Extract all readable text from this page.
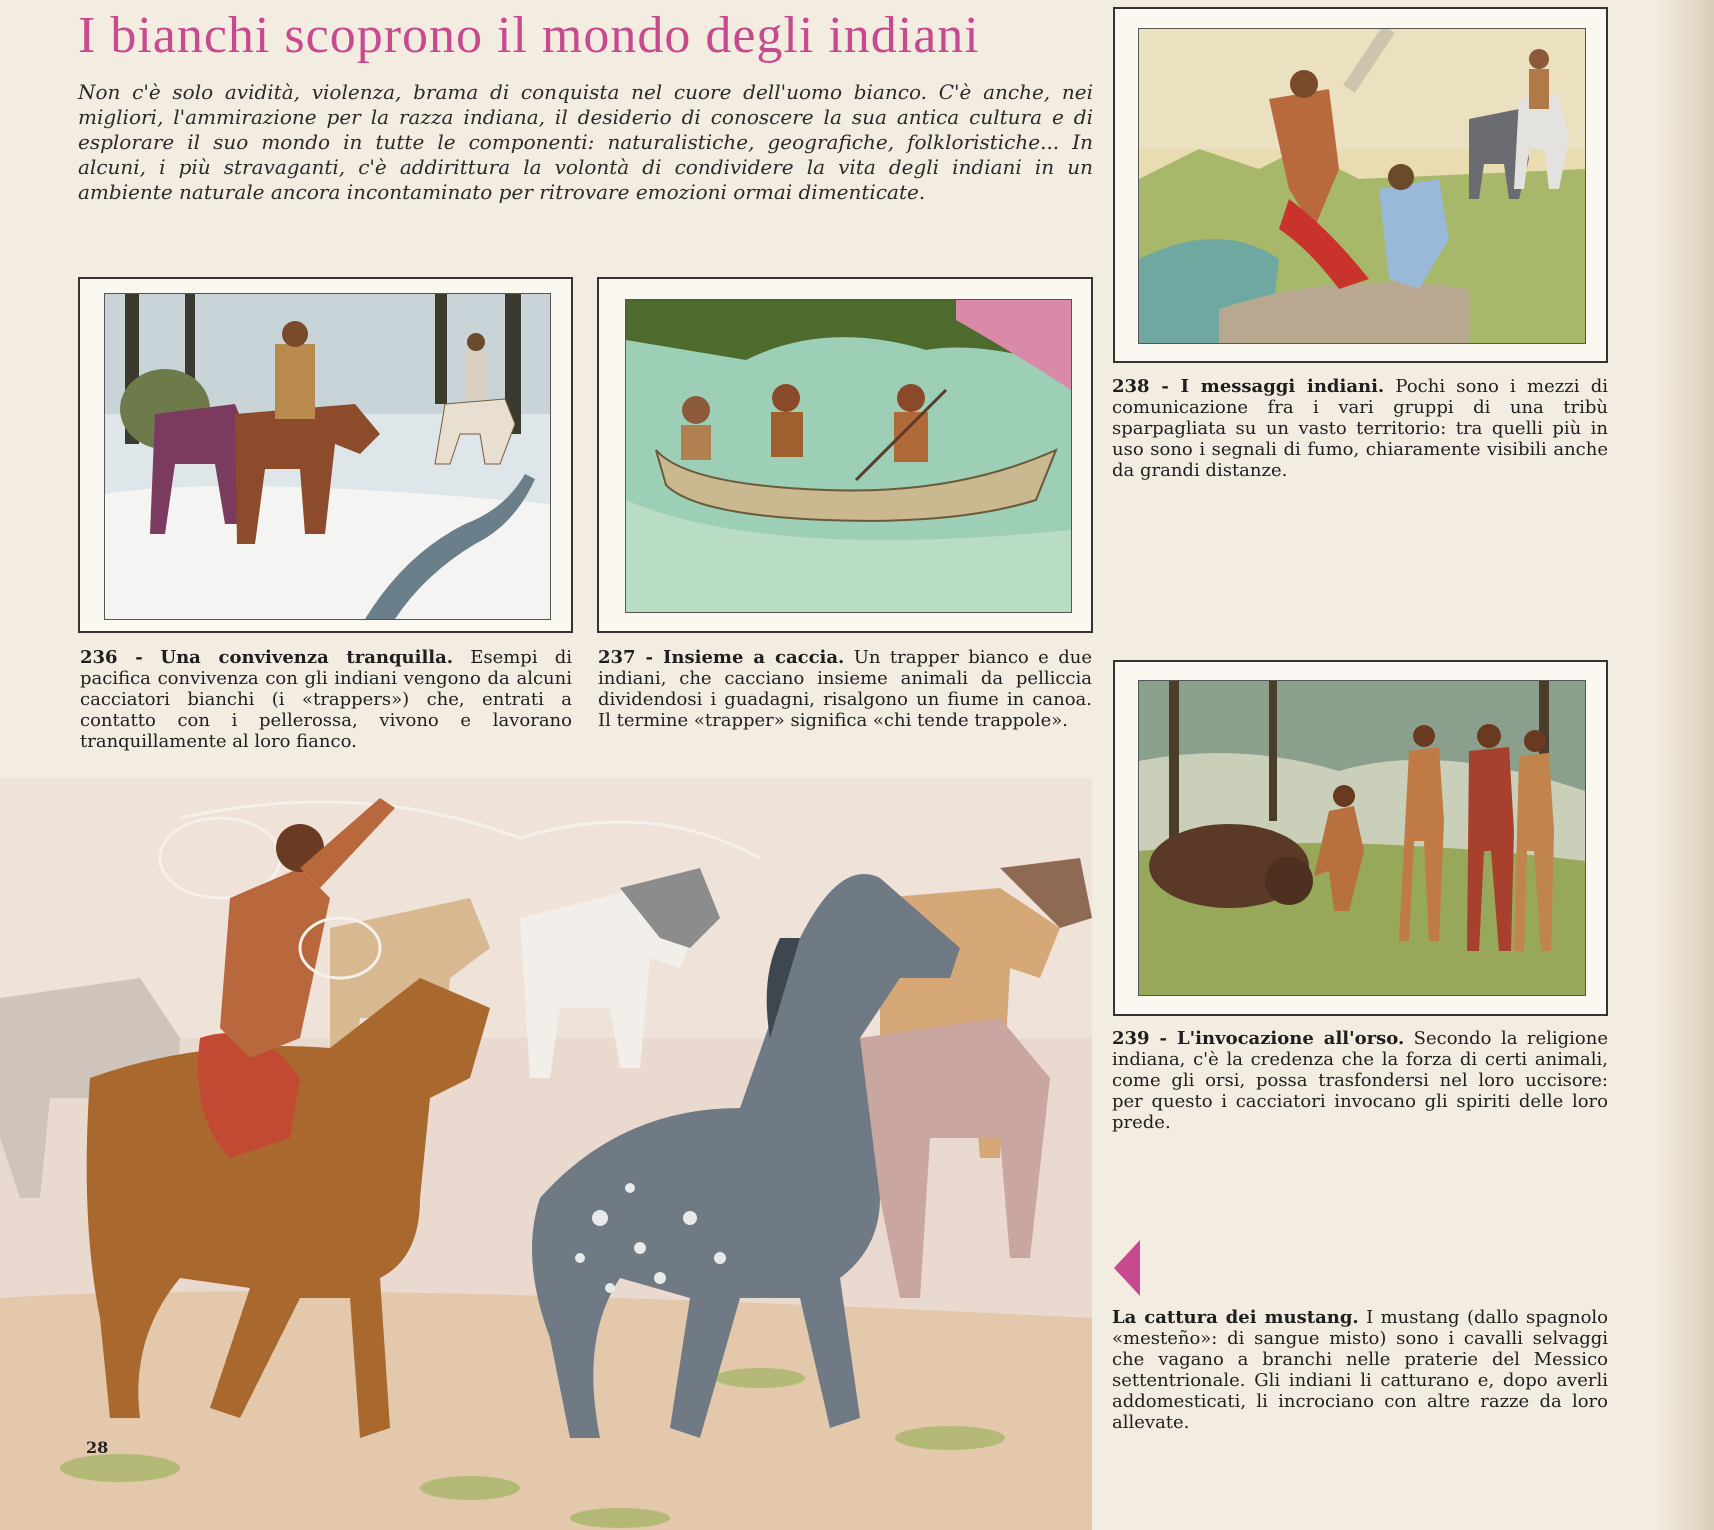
I bianchi scoprono il mondo degli indiani
Non c'è solo avidità, violenza, brama di conquista nel cuore dell'uomo bianco. C'è anche, nei migliori, l'ammirazione per la razza indiana, il desiderio di conoscere la sua antica cultura e di esplorare il suo mondo in tutte le componenti: naturalistiche, geografiche, folkloristiche... In alcuni, i più stravaganti, c'è addirittura la volontà di condividere la vita degli indiani in un ambiente naturale ancora incontaminato per ritrovare emozioni ormai dimenticate.
236 - Una convivenza tranquilla. Esempi di pacifica convivenza con gli indiani vengono da alcuni cacciatori bianchi (i «trappers») che, entrati a contatto con i pellerossa, vivono e lavorano tranquillamente al loro fianco.
237 - Insieme a caccia. Un trapper bianco e due indiani, che cacciano insieme animali da pelliccia dividendosi i guadagni, risalgono un fiume in canoa. Il termine «trapper» significa «chi tende trappole».
238 - I messaggi indiani. Pochi sono i mezzi di comunicazione fra i vari gruppi di una tribù sparpagliata su un vasto territorio: tra quelli più in uso sono i segnali di fumo, chiaramente visibili anche da grandi distanze.
239 - L'invocazione all'orso. Secondo la religione indiana, c'è la credenza che la forza di certi animali, come gli orsi, possa trasfondersi nel loro uccisore: per questo i cacciatori invocano gli spiriti delle loro prede.
28
La cattura dei mustang. I mustang (dallo spagnolo «mesteño»: di sangue misto) sono i cavalli selvaggi che vagano a branchi nelle praterie del Messico settentrionale. Gli indiani li catturano e, dopo averli addomesticati, li incrociano con altre razze da loro allevate.
